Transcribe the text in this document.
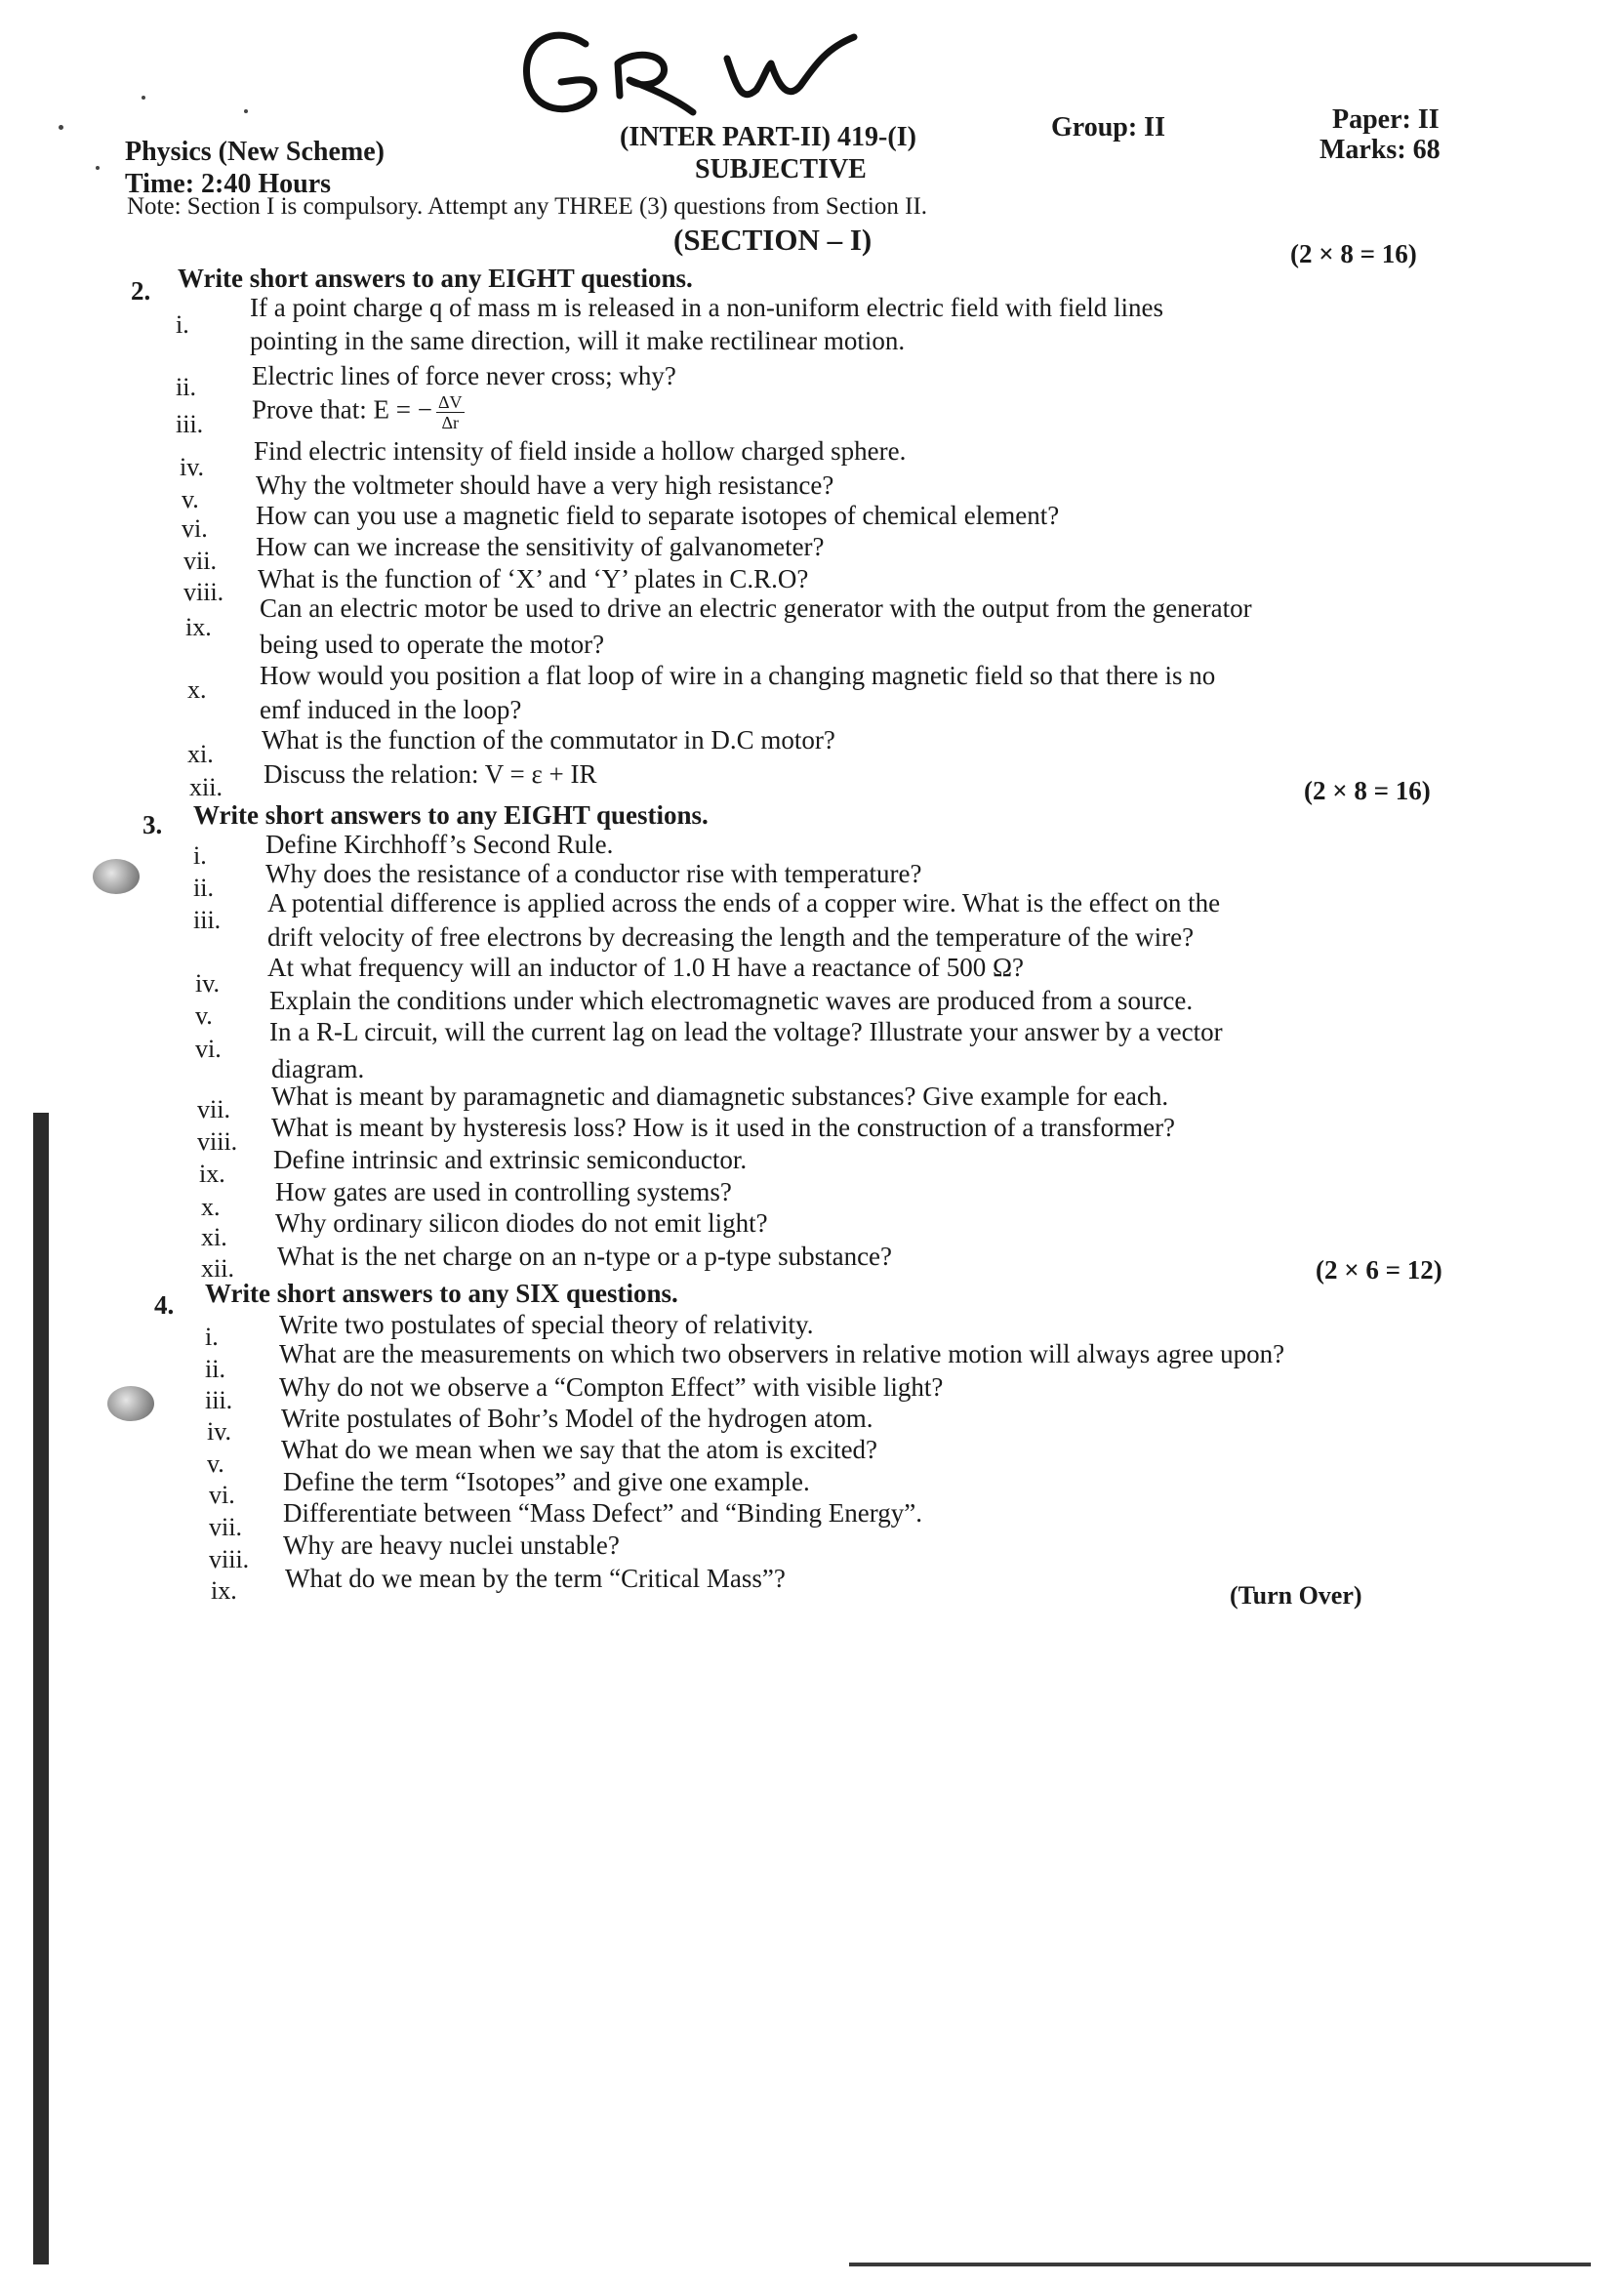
GRW
Physics (New Scheme)
Time: 2:40 Hours
(INTER PART-II) 419-(I)
SUBJECTIVE
Group: II	Paper: II
Marks: 68
Note: Section I is compulsory. Attempt any THREE (3) questions from Section II.
(SECTION – I)	(2 × 8 = 16)
2. Write short answers to any EIGHT questions.
i.
If a point charge q of mass m is released in a non-uniform electric field with field lines
pointing in the same direction, will it make rectilinear motion.
ii.	Electric lines of force never cross; why?
iii.	Prove that: E = − $\frac{\Delta V}{\Delta r}$
iv.
Find electric intensity of field inside a hollow charged sphere.
v.	Why the voltmeter should have a very high resistance?
vi.	How can you use a magnetic field to separate isotopes of chemical element?
vii.	How can we increase the sensitivity of galvanometer?
viii.	What is the function of ‘X’ and ‘Y’ plates in C.R.O?
ix.
Can an electric motor be used to drive an electric generator with the output from the generator
being used to operate the motor?
x.	How would you position a flat loop of wire in a changing magnetic field so that there is no
emf induced in the loop?
xi.	What is the function of the commutator in D.C motor?
xii.	Discuss the relation: V = ε + IR
(2 × 8 = 16)
3. Write short answers to any EIGHT questions.
i.	Define Kirchhoff’s Second Rule.
ii.	Why does the resistance of a conductor rise with temperature?
iii.
A potential difference is applied across the ends of a copper wire. What is the effect on the
drift velocity of free electrons by decreasing the length and the temperature of the wire?
iv.
At what frequency will an inductor of 1.0 H have a reactance of 500 Ω?
v.
Explain the conditions under which electromagnetic waves are produced from a source.
vi.
In a R-L circuit, will the current lag on lead the voltage? Illustrate your answer by a vector
diagram.
vii.	What is meant by paramagnetic and diamagnetic substances? Give example for each.
viii.	What is meant by hysteresis loss? How is it used in the construction of a transformer?
ix.	Define intrinsic and extrinsic semiconductor.
x.
How gates are used in controlling systems?
xi.	Why ordinary silicon diodes do not emit light?
xii.	What is the net charge on an n-type or a p-type substance?	(2 × 6 = 12)
4. Write short answers to any SIX questions.
i.	Write two postulates of special theory of relativity.
ii.
What are the measurements on which two observers in relative motion will always agree upon?
iii.	Why do not we observe a “Compton Effect” with visible light?
iv.	Write postulates of Bohr’s Model of the hydrogen atom.
v.	What do we mean when we say that the atom is excited?
vi.	Define the term “Isotopes” and give one example.
vii.	Differentiate between “Mass Defect” and “Binding Energy”.
viii.	Why are heavy nuclei unstable?
ix.	What do we mean by the term “Critical Mass”?
(Turn Over)
